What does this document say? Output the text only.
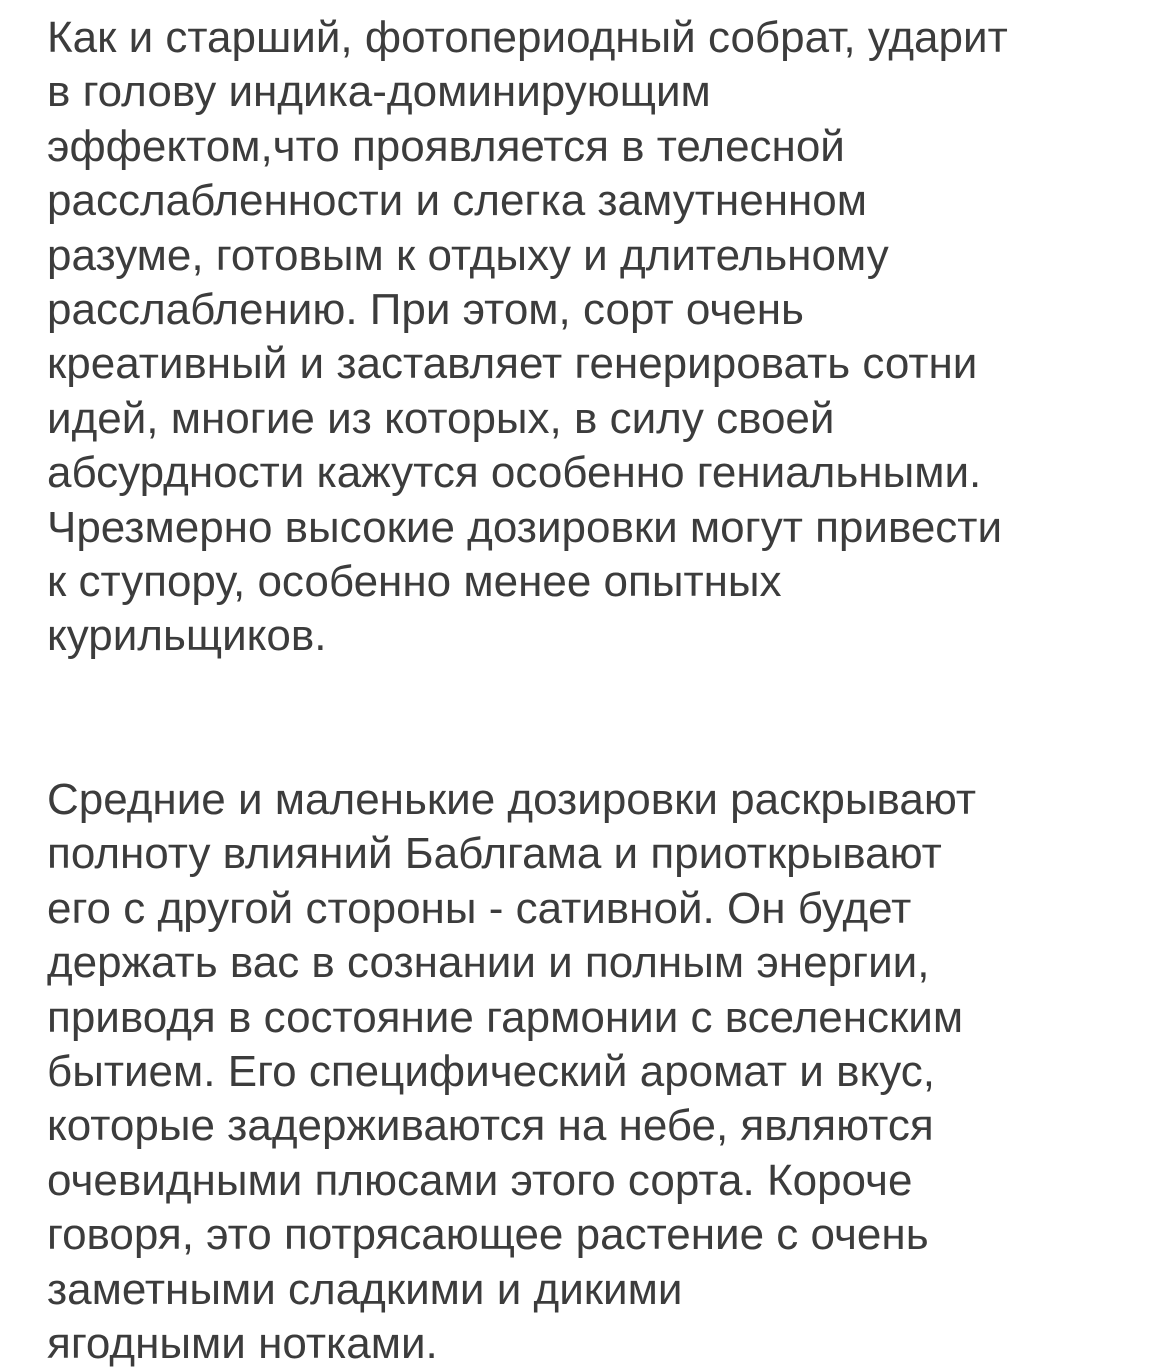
Как и старший, фотопериодный собрат, ударит
в голову индика-доминирующим
эффектом,что проявляется в телесной
расслабленности и слегка замутненном
разуме, готовым к отдыху и длительному
расслаблению. При этом, сорт очень
креативный и заставляет генерировать сотни
идей, многие из которых, в силу своей
абсурдности кажутся особенно гениальными.
Чрезмерно высокие дозировки могут привести
к ступору, особенно менее опытных
курильщиков.

Средние и маленькие дозировки раскрывают
полноту влияний Баблгама и приоткрывают
его с другой стороны - сативной. Он будет
держать вас в сознании и полным энергии,
приводя в состояние гармонии с вселенским
бытием. Его специфический аромат и вкус,
которые задерживаются на небе, являются
очевидными плюсами этого сорта. Короче
говоря, это потрясающее растение с очень
заметными сладкими и дикими
ягодными нотками.
